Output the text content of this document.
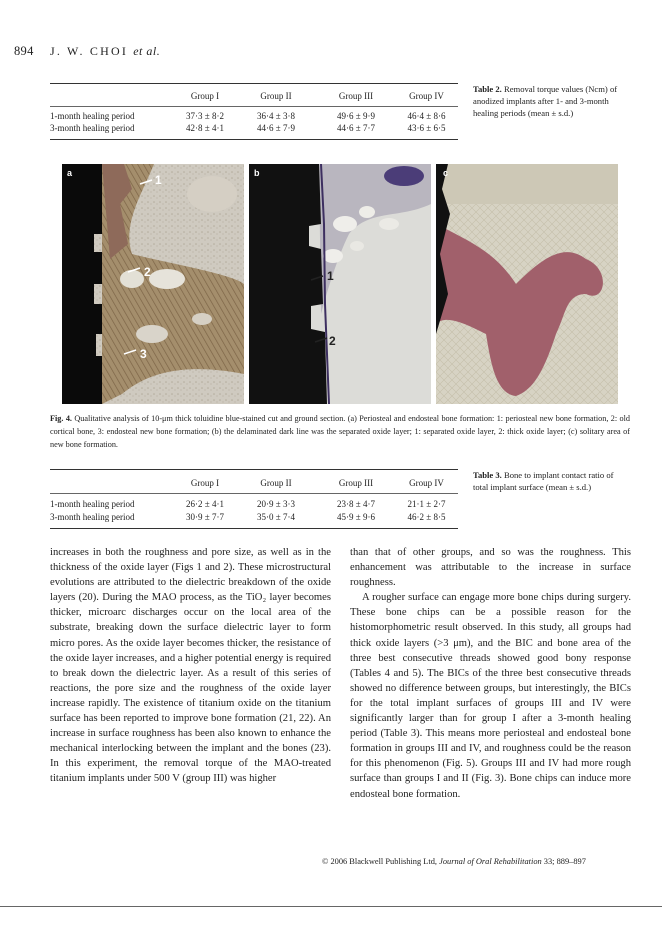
894 J. W. CHOI et al.
	Group I	Group II	Group III	Group IV

1-month healing period	37·3 ± 8·2	36·4 ± 3·8	49·6 ± 9·9	46·4 ± 8·6
3-month healing period	42·8 ± 4·1	44·6 ± 7·9	44·6 ± 7·7	43·6 ± 6·5
Table 2. Removal torque values (Ncm) of anodized implants after 1- and 3-month healing periods (mean ± s.d.)
a	1
2
3
b
1
2
c
Fig. 4. Qualitative analysis of 10-μm thick toluidine blue-stained cut and ground section. (a) Periosteal and endosteal bone formation: 1: periosteal new bone formation, 2: old cortical bone, 3: endosteal new bone formation; (b) the delaminated dark line was the separated oxide layer; 1: separated oxide layer, 2: thick oxide layer; (c) solitary area of new bone formation.
	Group I	Group II	Group III	Group IV

1-month healing period	26·2 ± 4·1	20·9 ± 3·3	23·8 ± 4·7	21·1 ± 2·7
3-month healing period	30·9 ± 7·7	35·0 ± 7·4	45·9 ± 9·6	46·2 ± 8·5
Table 3. Bone to implant contact ratio of total implant surface (mean ± s.d.)

increases in both the roughness and pore size, as well as in the thickness of the oxide layer (Figs 1 and 2). These microstructural evolutions are attributed to the dielectric breakdown of the oxide layers (20). During the MAO process, as the TiO₂ layer becomes thicker, microarc discharges occur on the local area of the substrate, breaking down the surface dielectric layer to form micro pores. As the oxide layer becomes thicker, the resistance of the oxide layer increases, and a higher potential energy is required to break down the dielectric layer. As a result of this series of reactions, the pore size and the roughness of the oxide layer increase rapidly. The existence of titanium oxide on the titanium surface has been reported to improve bone formation (21, 22). An increase in surface roughness has been also known to enhance the mechanical interlocking between the implant and the bones (23). In this experiment, the removal torque of the MAO-treated titanium implants under 500 V (group III) was higher

than that of other groups, and so was the roughness. This enhancement was attributable to the increase in surface roughness.

A rougher surface can engage more bone chips during surgery. These bone chips can be a possible reason for the histomorphometric result observed. In this study, all groups had thick oxide layers (>3 μm), and the BIC and bone area of the three best consecutive threads showed good bony response (Tables 4 and 5). The BICs of the three best consecutive threads showed no difference between groups, but interestingly, the BICs for the total implant surfaces of groups III and IV were significantly larger than for group I after a 3-month healing period (Table 3). This means more periosteal and endosteal bone formation in groups III and IV, and roughness could be the reason for this phenomenon (Fig. 5). Groups III and IV had more rough surface than groups I and II (Fig. 3). Bone chips can induce more endosteal bone formation.

© 2006 Blackwell Publishing Ltd, Journal of Oral Rehabilitation 33; 889–897
